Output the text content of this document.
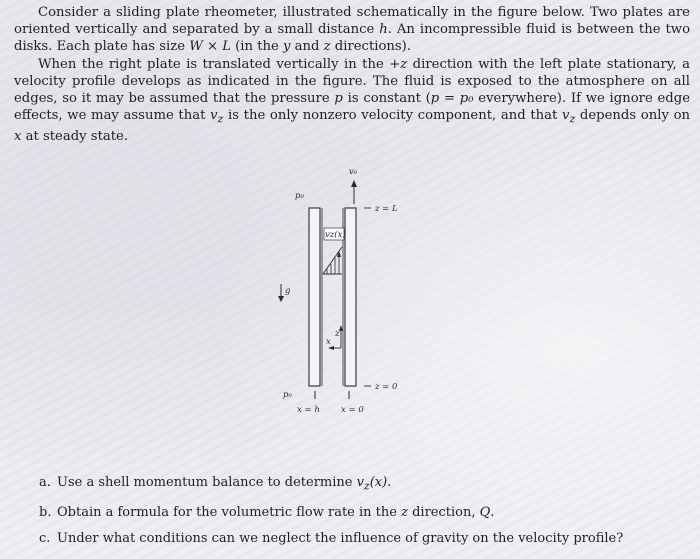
Consider a sliding plate rheometer, illustrated schematically in the figure below. Two plates are oriented vertically and separated by a small distance h. An incompressible fluid is between the two disks. Each plate has size W × L (in the y and z directions).

When the right plate is translated vertically in the +z direction with the left plate stationary, a velocity profile develops as indicated in the figure. The fluid is exposed to the atmosphere on all edges, so it may be assumed that the pressure p is constant (p = p₀ everywhere). If we ignore edge effects, we may assume that $v_z$ is the only nonzero velocity component, and that $v_z$ depends only on x at steady state.

v₀
p₀
z = L
vz(x)
g
z
x
z = 0
p₀
x = h x = 0
a. Use a shell momentum balance to determine $v_z(x)$.
b. Obtain a formula for the volumetric flow rate in the z direction, Q.
c. Under what conditions can we neglect the influence of gravity on the velocity profile?
